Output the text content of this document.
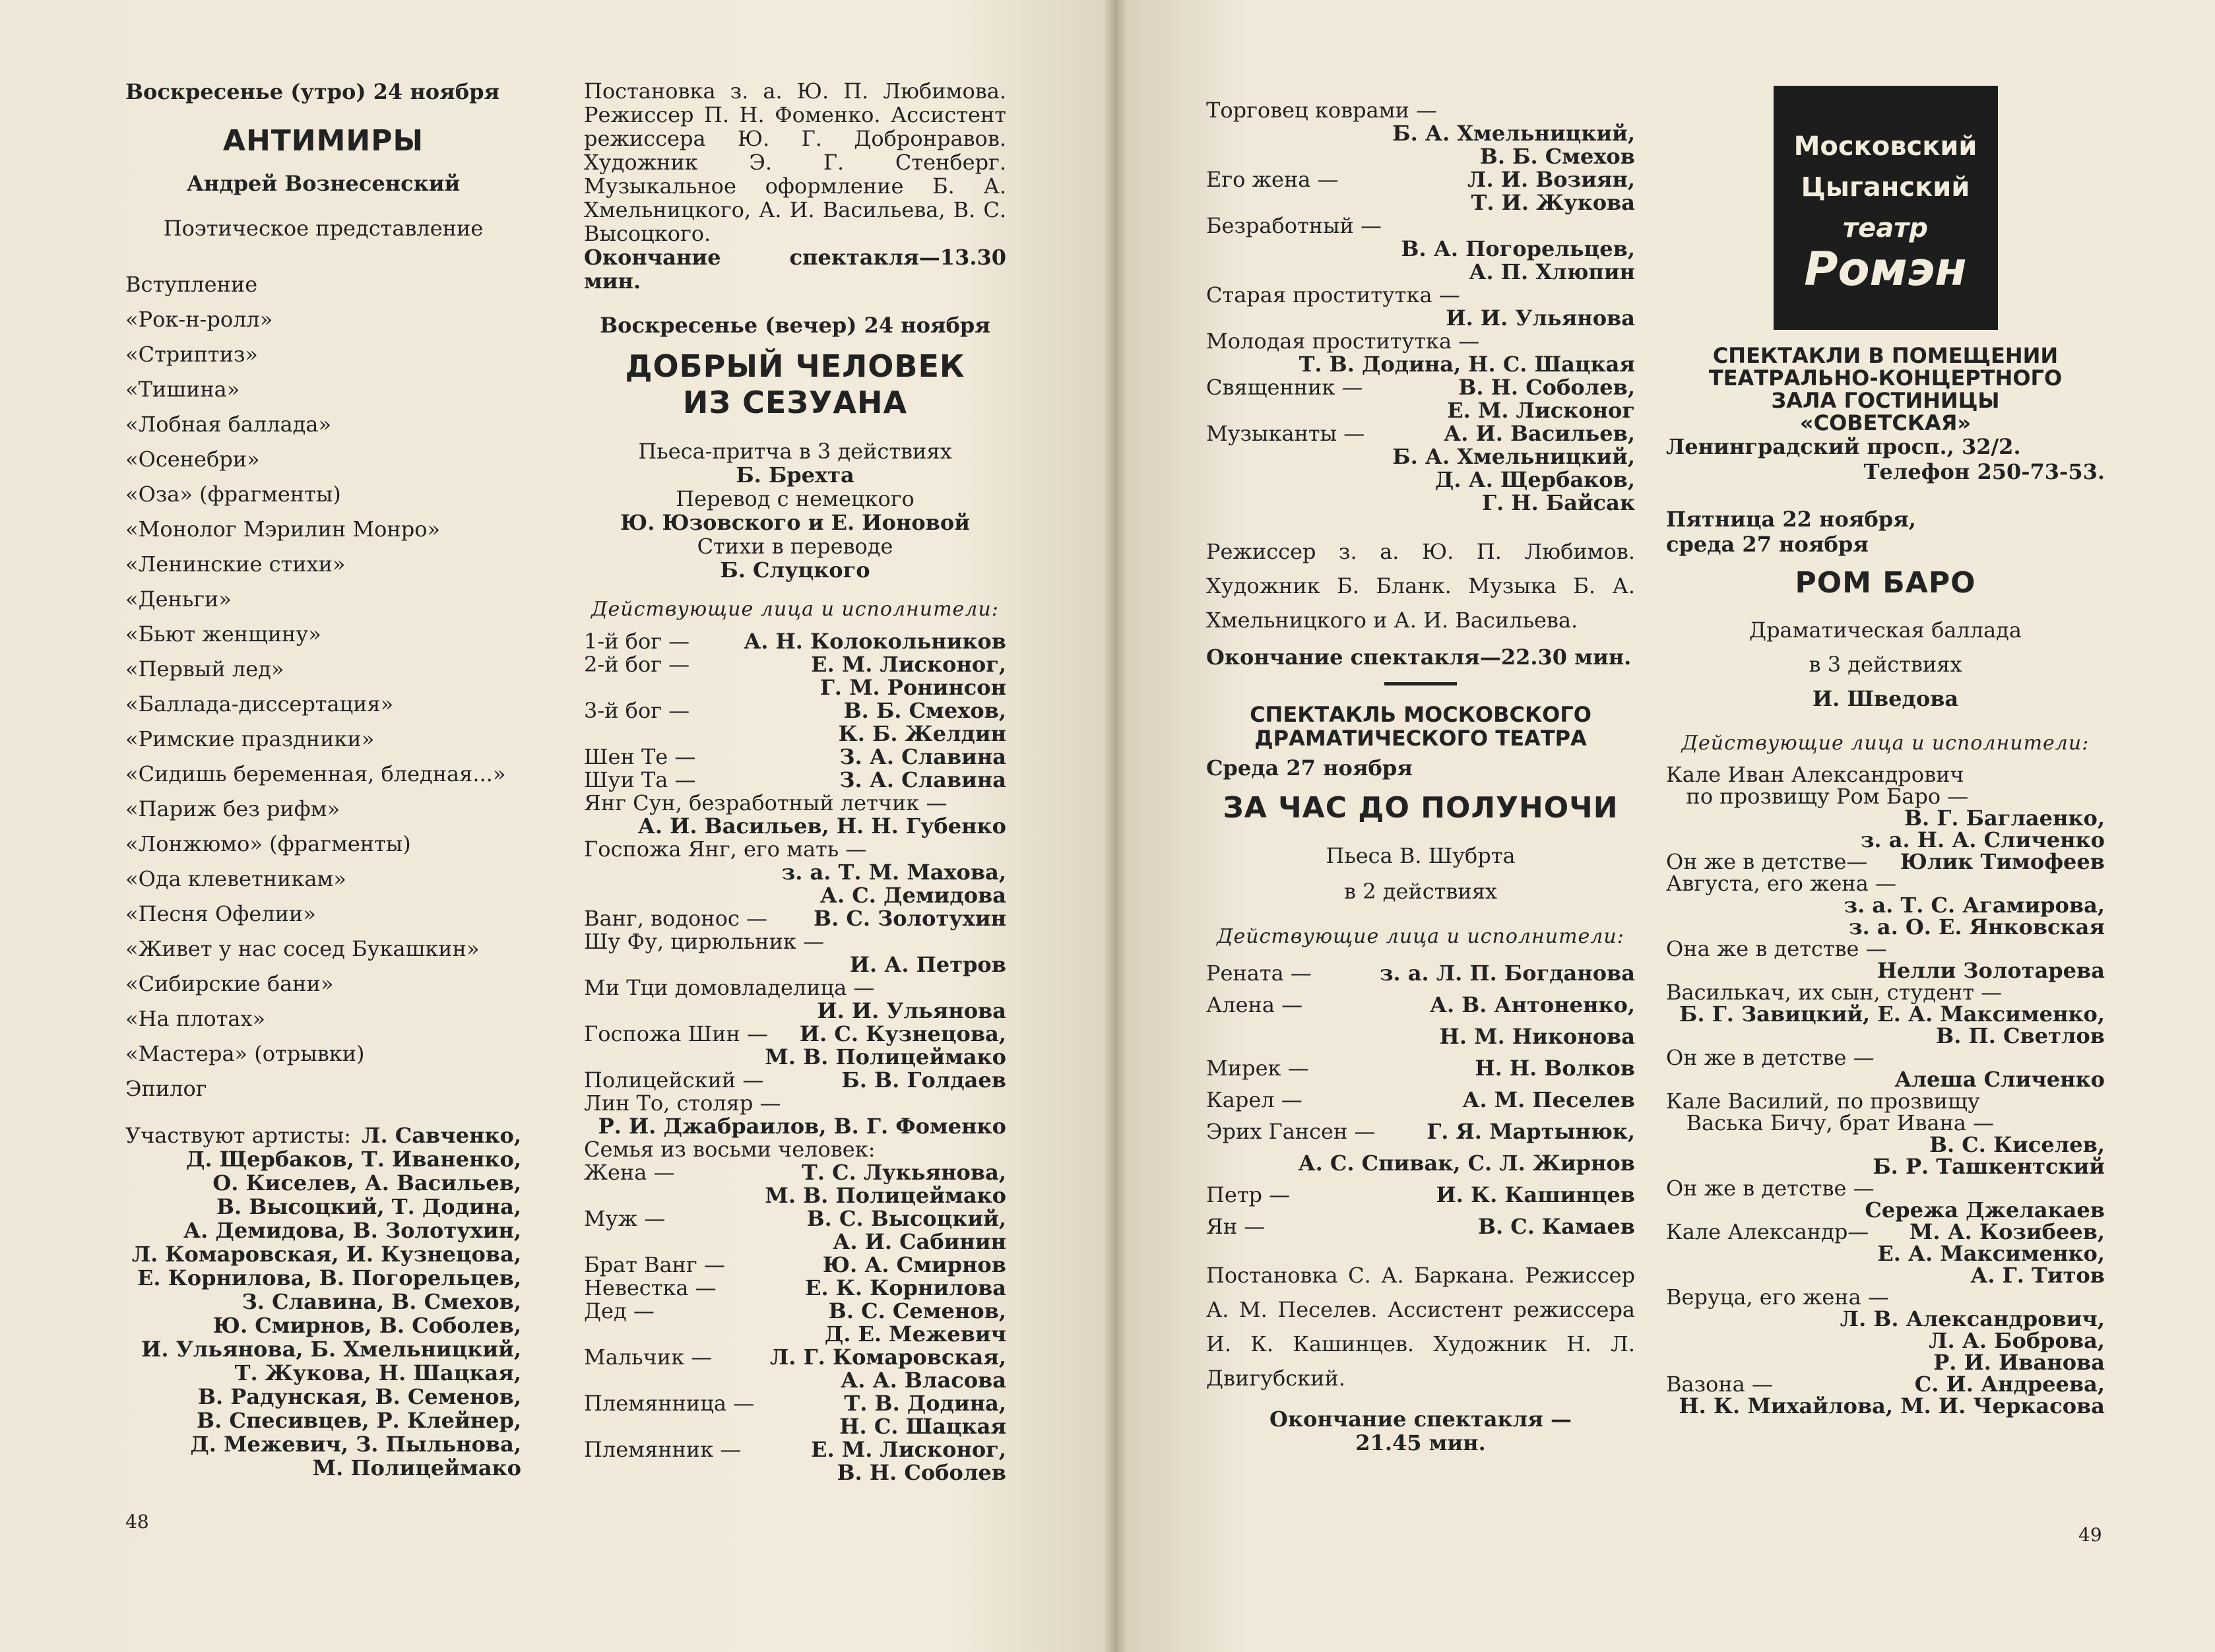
Воскресенье (утро) 24 ноября

АНТИМИРЫ

Андрей Вознесенский

Поэтическое представление

Вступление

«Рок-н-ролл»

«Стриптиз»

«Тишина»

«Лобная баллада»

«Осенебри»

«Оза» (фрагменты)

«Монолог Мэрилин Монро»

«Ленинские стихи»

«Деньги»

«Бьют женщину»

«Первый лед»

«Баллада-диссертация»

«Римские праздники»

«Сидишь беременная, бледная...»

«Париж без рифм»

«Лонжюмо» (фрагменты)

«Ода клеветникам»

«Песня Офелии»

«Живет у нас сосед Букашкин»

«Сибирские бани»

«На плотах»

«Мастера» (отрывки)

Эпилог

Участвуют артисты: Л. Савченко,
Д. Щербаков, Т. Иваненко,
О. Киселев, А. Васильев,
В. Высоцкий, Т. Додина,
А. Демидова, В. Золотухин,
Л. Комаровская, И. Кузнецова,
Е. Корнилова, В. Погорельцев,
З. Славина, В. Смехов,
Ю. Смирнов, В. Соболев,
И. Ульянова, Б. Хмельницкий,
Т. Жукова, Н. Шацкая,
В. Радунская, В. Семенов,
В. Спесивцев, Р. Клейнер,
Д. Межевич, З. Пыльнова,
М. Полицеймако
48

Постановка з. а. Ю. П. Любимова. Режиссер П. Н. Фоменко. Ассистент режиссера Ю. Г. Добронравов. Художник Э. Г. Стенберг. Музыкальное оформление Б. А. Хмельницкого, А. И. Васильева, В. С. Высоцкого.

Окончание спектакля—13.30 мин.

Воскресенье (вечер) 24 ноября

ДОБРЫЙ ЧЕЛОВЕК
ИЗ СЕЗУАНА

Пьеса-притча в 3 действиях

Б. Брехта

Перевод с немецкого

Ю. Юзовского и Е. Ионовой

Стихи в переводе

Б. Слуцкого

Действующие лица и исполнители:

1-й бог —	А. Н. Колокольников
2-й бог —	Е. М. Лисконог,
Г. М. Ронинсон
3-й бог —	В. Б. Смехов,
К. Б. Желдин
Шен Те —	З. А. Славина
Шуи Та —	З. А. Славина
Янг Сун, безработный летчик —
А. И. Васильев, Н. Н. Губенко
Госпожа Янг, его мать —
з. а. Т. М. Махова,
А. С. Демидова
Ванг, водонос — В. С. Золотухин
Шу Фу, цирюльник —
И. А. Петров
Ми Тци домовладелица —
И. И. Ульянова
Госпожа Шин — И. С. Кузнецова,
М. В. Полицеймако
Полицейский —	Б. В. Голдаев
Лин То, столяр —
Р. И. Джабраилов, В. Г. Фоменко
Семья из восьми человек:
Жена —	Т. С. Лукьянова,
М. В. Полицеймако
Муж —	В. С. Высоцкий,
А. И. Сабинин
Брат Ванг —	Ю. А. Смирнов
Невестка —	Е. К. Корнилова
Дед —	В. С. Семенов,
Д. Е. Межевич
Мальчик —	Л. Г. Комаровская,
А. А. Власова
Племянница —	Т. В. Додина,
Н. С. Шацкая
Племянник —	Е. М. Лисконог,
В. Н. Соболев
Торговец коврами —
Б. А. Хмельницкий,
В. Б. Смехов
Его жена —	Л. И. Возиян,
Т. И. Жукова
Безработный —
В. А. Погорельцев,
А. П. Хлюпин
Старая проститутка —
И. И. Ульянова
Молодая проститутка —
Т. В. Додина, Н. С. Шацкая
Священник —	В. Н. Соболев,
Е. М. Лисконог
Музыканты —	А. И. Васильев,
Б. А. Хмельницкий,
Д. А. Щербаков,
Г. Н. Байсак

Режиссер з. а. Ю. П. Любимов. Художник Б. Бланк. Музыка Б. А. Хмельницкого и А. И. Васильева.

Окончание спектакля—22.30 мин.

СПЕКТАКЛЬ МОСКОВСКОГО

ДРАМАТИЧЕСКОГО ТЕАТРА

Среда 27 ноября

ЗА ЧАС ДО ПОЛУНОЧИ

Пьеса В. Шубрта

в 2 действиях

Действующие лица и исполнители:

Рената —	з. а. Л. П. Богданова
Алена —	А. В. Антоненко,
Н. М. Никонова
Мирек —	Н. Н. Волков
Карел —	А. М. Песелев
Эрих Гансен — Г. Я. Мартынюк,
А. С. Спивак, С. Л. Жирнов
Петр —	И. К. Кашинцев
Ян —	В. С. Камаев

Постановка С. А. Баркана. Режиссер А. М. Песелев. Ассистент режиссера И. К. Кашинцев. Художник Н. Л. Двигубский.

Окончание спектакля —

21.45 мин.

Московский
Цыганский
театр
Ромэн

СПЕКТАКЛИ В ПОМЕЩЕНИИ

ТЕАТРАЛЬНО-КОНЦЕРТНОГО

ЗАЛА ГОСТИНИЦЫ

«СОВЕТСКАЯ»

Ленинградский просп., 32/2.
Телефон 250-73-53.

Пятница 22 ноября,

среда 27 ноября

РОМ БАРО

Драматическая баллада

в 3 действиях

И. Шведова

Действующие лица и исполнители:

Кале Иван Александрович
по прозвищу Ром Баро —
В. Г. Баглаенко,
з. а. Н. А. Сличенко
Он же в детстве— Юлик Тимофеев
Августа, его жена —
з. а. Т. С. Агамирова,
з. а. О. Е. Янковская
Она же в детстве —
Нелли Золотарева
Василькач, их сын, студент —
Б. Г. Завицкий, Е. А. Максименко,
В. П. Светлов
Он же в детстве —
Алеша Сличенко
Кале Василий, по прозвищу
Васька Бичу, брат Ивана —
В. С. Киселев,
Б. Р. Ташкентский
Он же в детстве —
Сережа Джелакаев
Кале Александр— М. А. Козибеев,
Е. А. Максименко,
А. Г. Титов
Веруца, его жена —
Л. В. Александрович,
Л. А. Боброва,
Р. И. Иванова
Вазона —	С. И. Андреева,
Н. К. Михайлова, М. И. Черкасова
49
